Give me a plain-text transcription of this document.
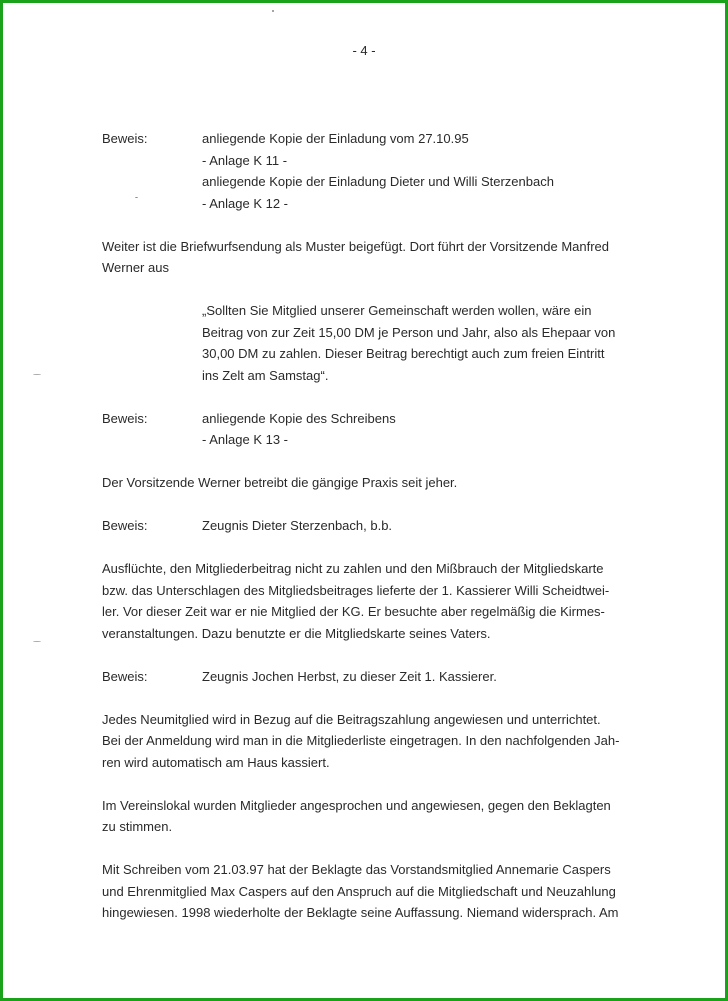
- 4 -
Beweis:	anliegende Kopie der Einladung vom 27.10.95
- Anlage K 11 -
anliegende Kopie der Einladung Dieter und Willi Sterzenbach
- Anlage K 12 -

Weiter ist die Briefwurfsendung als Muster beigefügt. Dort führt der Vorsitzende Manfred

Werner aus

„Sollten Sie Mitglied unserer Gemeinschaft werden wollen, wäre ein

Beitrag von zur Zeit 15,00 DM je Person und Jahr, also als Ehepaar von

30,00 DM zu zahlen. Dieser Beitrag berechtigt auch zum freien Eintritt

ins Zelt am Samstag“.

Beweis:	anliegende Kopie des Schreibens
- Anlage K 13 -

Der Vorsitzende Werner betreibt die gängige Praxis seit jeher.

Beweis:	Zeugnis Dieter Sterzenbach, b.b.

Ausflüchte, den Mitgliederbeitrag nicht zu zahlen und den Mißbrauch der Mitgliedskarte

bzw. das Unterschlagen des Mitgliedsbeitrages lieferte der 1. Kassierer Willi Scheidtwei-

ler. Vor dieser Zeit war er nie Mitglied der KG. Er besuchte aber regelmäßig die Kirmes-

veranstaltungen. Dazu benutzte er die Mitgliedskarte seines Vaters.

Beweis:	Zeugnis Jochen Herbst, zu dieser Zeit 1. Kassierer.

Jedes Neumitglied wird in Bezug auf die Beitragszahlung angewiesen und unterrichtet.

Bei der Anmeldung wird man in die Mitgliederliste eingetragen. In den nachfolgenden Jah-

ren wird automatisch am Haus kassiert.

Im Vereinslokal wurden Mitglieder angesprochen und angewiesen, gegen den Beklagten

zu stimmen.

Mit Schreiben vom 21.03.97 hat der Beklagte das Vorstandsmitglied Annemarie Caspers

und Ehrenmitglied Max Caspers auf den Anspruch auf die Mitgliedschaft und Neuzahlung

hingewiesen. 1998 wiederholte der Beklagte seine Auffassung. Niemand widersprach. Am
